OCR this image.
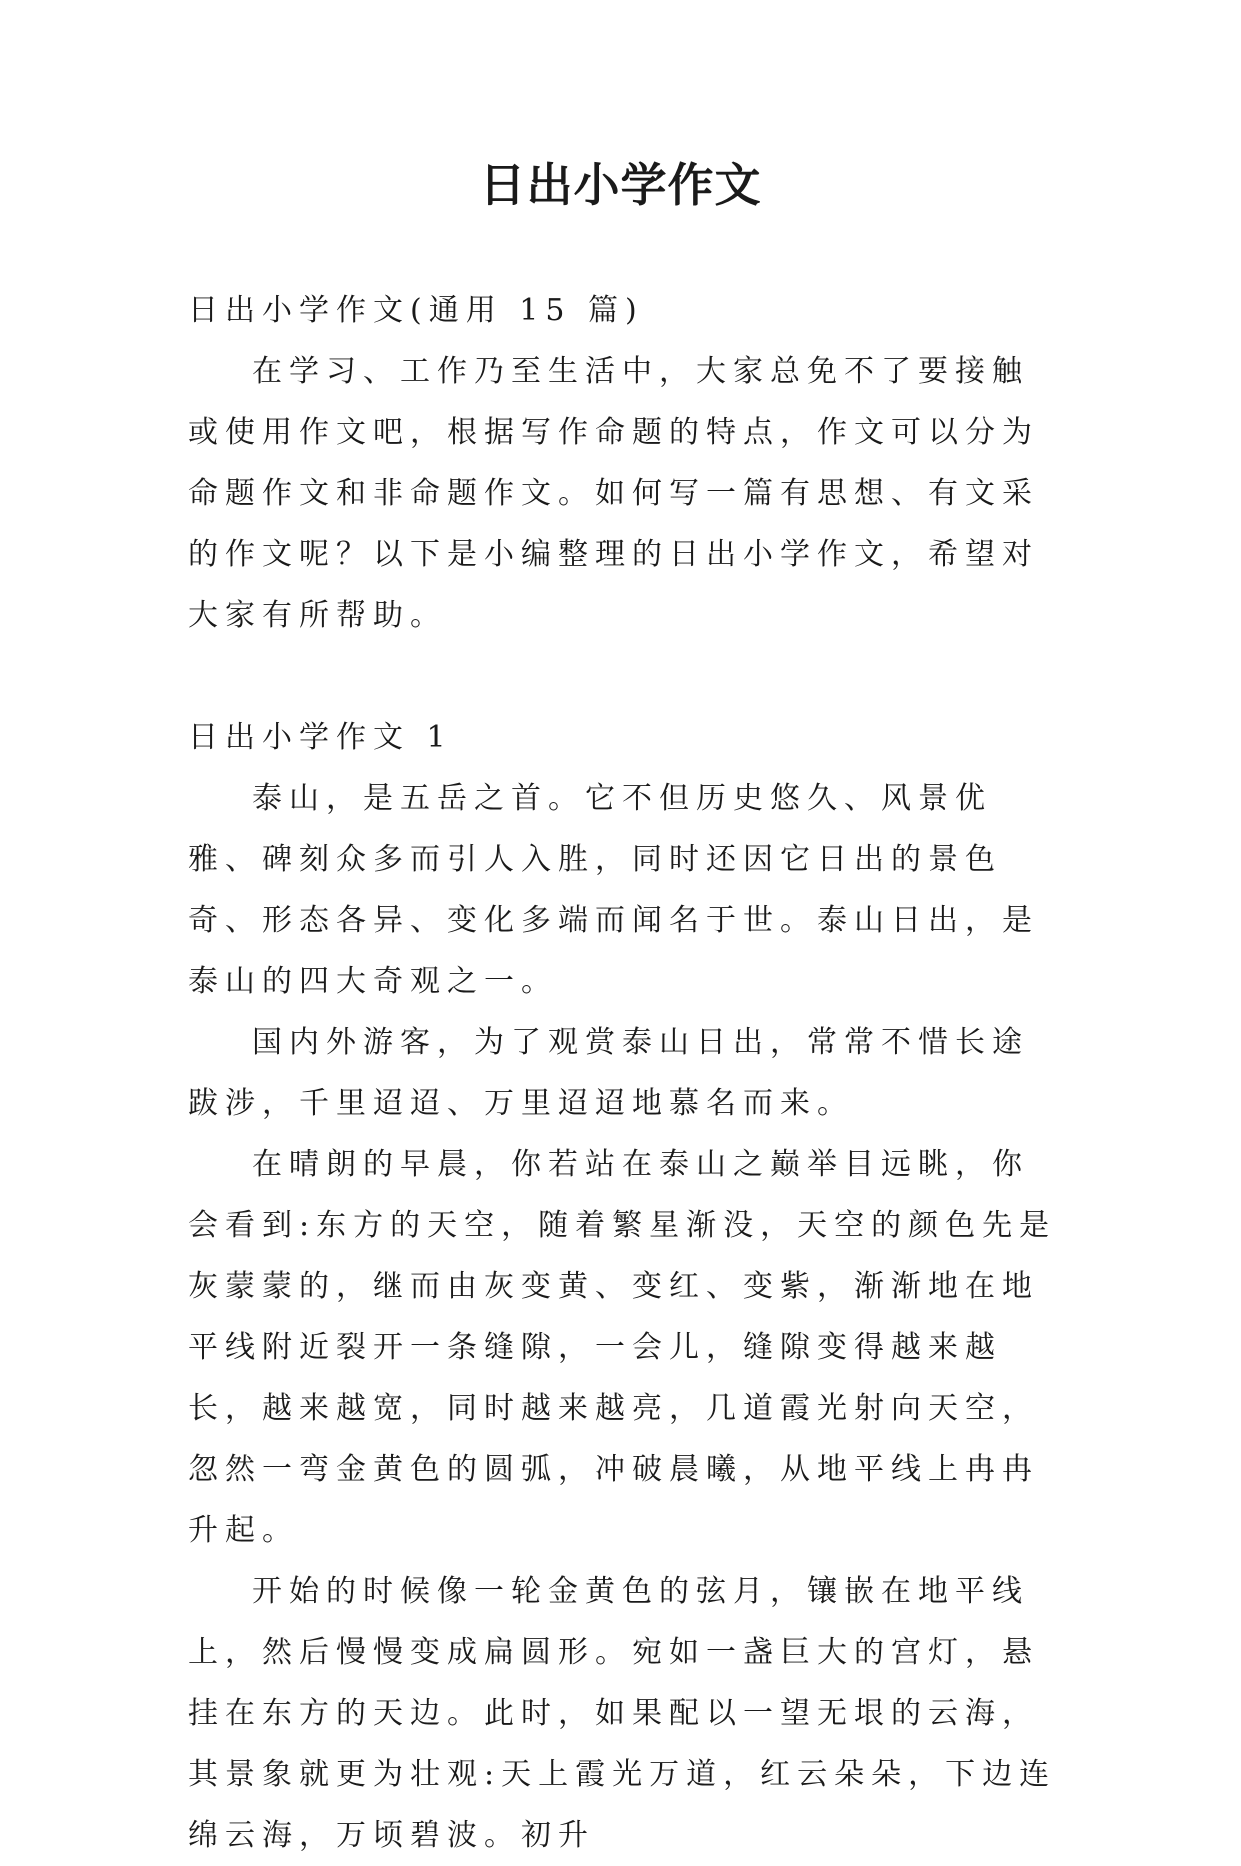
日出小学作文

日出小学作文(通用 15 篇)

在学习、工作乃至生活中，大家总免不了要接触或使用作文吧，根据写作命题的特点，作文可以分为命题作文和非命题作文。如何写一篇有思想、有文采的作文呢？以下是小编整理的日出小学作文，希望对大家有所帮助。

日出小学作文 1

泰山，是五岳之首。它不但历史悠久、风景优雅、碑刻众多而引人入胜，同时还因它日出的景色奇、形态各异、变化多端而闻名于世。泰山日出，是泰山的四大奇观之一。

国内外游客，为了观赏泰山日出，常常不惜长途跋涉，千里迢迢、万里迢迢地慕名而来。

在晴朗的早晨，你若站在泰山之巅举目远眺，你会看到:东方的天空，随着繁星渐没，天空的颜色先是灰蒙蒙的，继而由灰变黄、变红、变紫，渐渐地在地平线附近裂开一条缝隙，一会儿，缝隙变得越来越长，越来越宽，同时越来越亮，几道霞光射向天空，忽然一弯金黄色的圆弧，冲破晨曦，从地平线上冉冉升起。

开始的时候像一轮金黄色的弦月，镶嵌在地平线上，然后慢慢变成扁圆形。宛如一盏巨大的宫灯，悬挂在东方的天边。此时，如果配以一望无垠的云海，其景象就更为壮观:天上霞光万道，红云朵朵，下边连绵云海，万顷碧波。初升
